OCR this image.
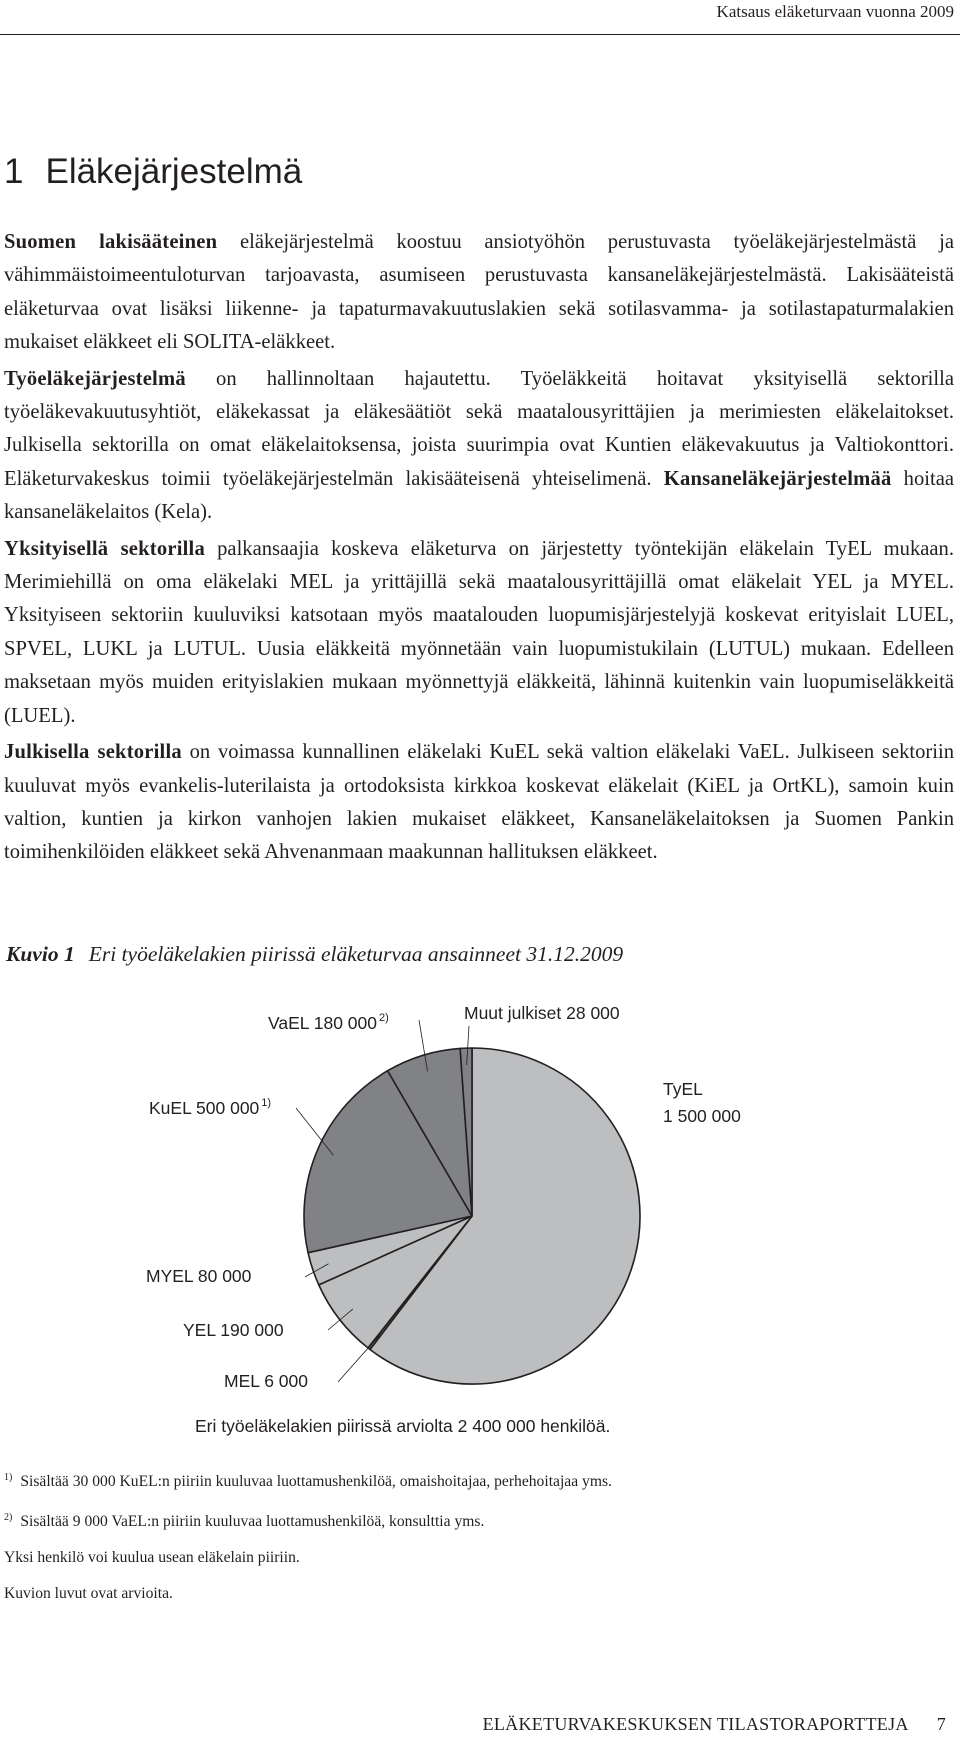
Katsaus eläketurvaan vuonna 2009
1 Eläkejärjestelmä

Suomen lakisääteinen eläkejärjestelmä koostuu ansiotyöhön perustuvasta työeläkejärjestelmästä ja vähimmäistoimeentuloturvan tarjoavasta, asumiseen perustuvasta kansaneläkejärjestelmästä. Lakisääteistä eläketurvaa ovat lisäksi liikenne- ja tapaturmavakuutuslakien sekä sotilasvamma- ja sotilastapaturmalakien mukaiset eläkkeet eli SOLITA-eläkkeet.

Työeläkejärjestelmä on hallinnoltaan hajautettu. Työeläkkeitä hoitavat yksityisellä sektorilla työeläkevakuutusyhtiöt, eläkekassat ja eläkesäätiöt sekä maatalousyrittäjien ja merimiesten eläkelaitokset. Julkisella sektorilla on omat eläkelaitoksensa, joista suurimpia ovat Kuntien eläkevakuutus ja Valtiokonttori. Eläketurvakeskus toimii työeläkejärjestelmän lakisääteisenä yhteiselimenä. Kansaneläkejärjestelmää hoitaa kansaneläkelaitos (Kela).

Yksityisellä sektorilla palkansaajia koskeva eläketurva on järjestetty työntekijän eläkelain TyEL mukaan. Merimiehillä on oma eläkelaki MEL ja yrittäjillä sekä maatalousyrittäjillä omat eläkelait YEL ja MYEL. Yksityiseen sektoriin kuuluviksi katsotaan myös maatalouden luopumisjärjestelyjä koskevat erityislait LUEL, SPVEL, LUKL ja LUTUL. Uusia eläkkeitä myönnetään vain luopumistukilain (LUTUL) mukaan. Edelleen maksetaan myös muiden erityislakien mukaan myönnettyjä eläkkeitä, lähinnä kuitenkin vain luopumiseläkkeitä (LUEL).

Julkisella sektorilla on voimassa kunnallinen eläkelaki KuEL sekä valtion eläkelaki VaEL. Julkiseen sektoriin kuuluvat myös evankelis-luterilaista ja ortodoksista kirkkoa koskevat eläkelait (KiEL ja OrtKL), samoin kuin valtion, kuntien ja kirkon vanhojen lakien mukaiset eläkkeet, Kansaneläkelaitoksen ja Suomen Pankin toimihenkilöiden eläkkeet sekä Ahvenanmaan maakunnan hallituksen eläkkeet.

Kuvio 1 Eri työeläkelakien piirissä eläketurvaa ansainneet 31.12.2009
TyEL
1 500 000
MEL 6 000
YEL 190 000
MYEL 80 000
KuEL 500 000 1)
VaEL 180 000 2)	Muut julkiset 28 000
Eri työeläkelakien piirissä arviolta 2 400 000 henkilöä.

$^{1)}$ Sisältää 30 000 KuEL:n piiriin kuuluvaa luottamushenkilöä, omaishoitajaa, perhehoitajaa yms.

$^{2)}$ Sisältää 9 000 VaEL:n piiriin kuuluvaa luottamushenkilöä, konsulttia yms.

Yksi henkilö voi kuulua usean eläkelain piiriin.

Kuvion luvut ovat arvioita.

ELÄKETURVAKESKUKSEN TILASTORAPORTTEJA 7
